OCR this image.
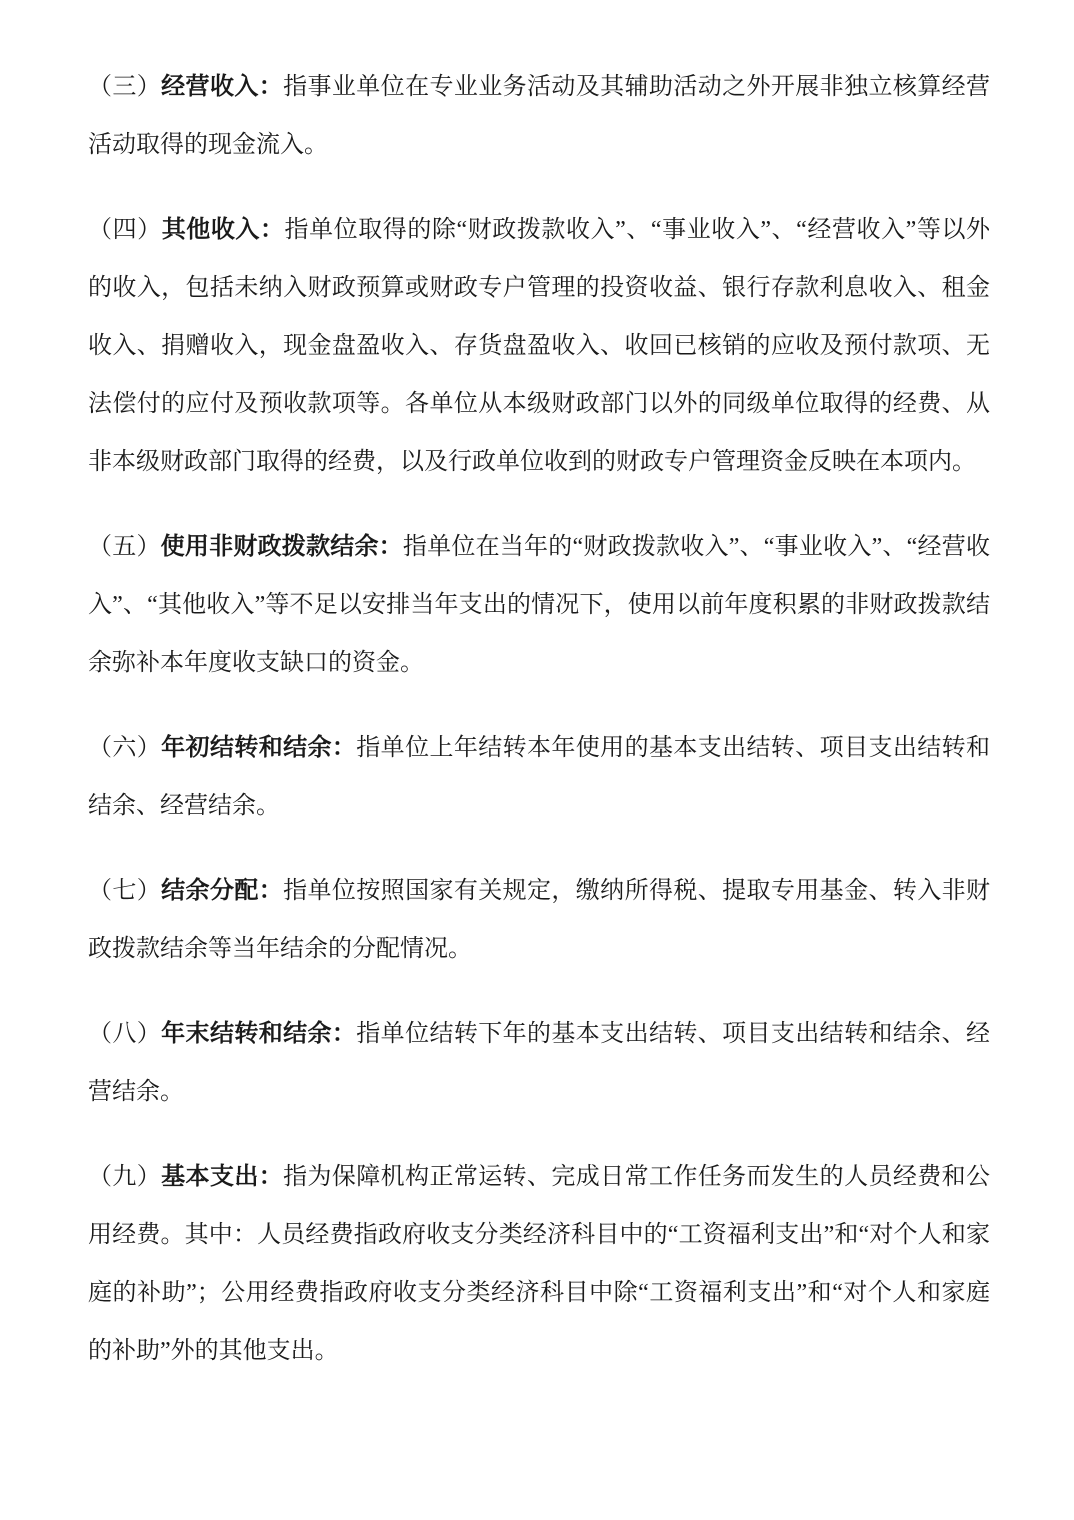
（三）经营收入：指事业单位在专业业务活动及其辅助活动之外开展非独立核算经营活动取得的现金流入。

（四）其他收入：指单位取得的除“财政拨款收入”、“事业收入”、“经营收入”等以外的收入，包括未纳入财政预算或财政专户管理的投资收益、银行存款利息收入、租金收入、捐赠收入，现金盘盈收入、存货盘盈收入、收回已核销的应收及预付款项、无法偿付的应付及预收款项等。各单位从本级财政部门以外的同级单位取得的经费、从非本级财政部门取得的经费，以及行政单位收到的财政专户管理资金反映在本项内。

（五）使用非财政拨款结余：指单位在当年的“财政拨款收入”、“事业收入”、“经营收入”、“其他收入”等不足以安排当年支出的情况下，使用以前年度积累的非财政拨款结余弥补本年度收支缺口的资金。

（六）年初结转和结余：指单位上年结转本年使用的基本支出结转、项目支出结转和结余、经营结余。

（七）结余分配：指单位按照国家有关规定，缴纳所得税、提取专用基金、转入非财政拨款结余等当年结余的分配情况。

（八）年末结转和结余：指单位结转下年的基本支出结转、项目支出结转和结余、经营结余。

（九）基本支出：指为保障机构正常运转、完成日常工作任务而发生的人员经费和公用经费。其中：人员经费指政府收支分类经济科目中的“工资福利支出”和“对个人和家庭的补助”；公用经费指政府收支分类经济科目中除“工资福利支出”和“对个人和家庭的补助”外的其他支出。
